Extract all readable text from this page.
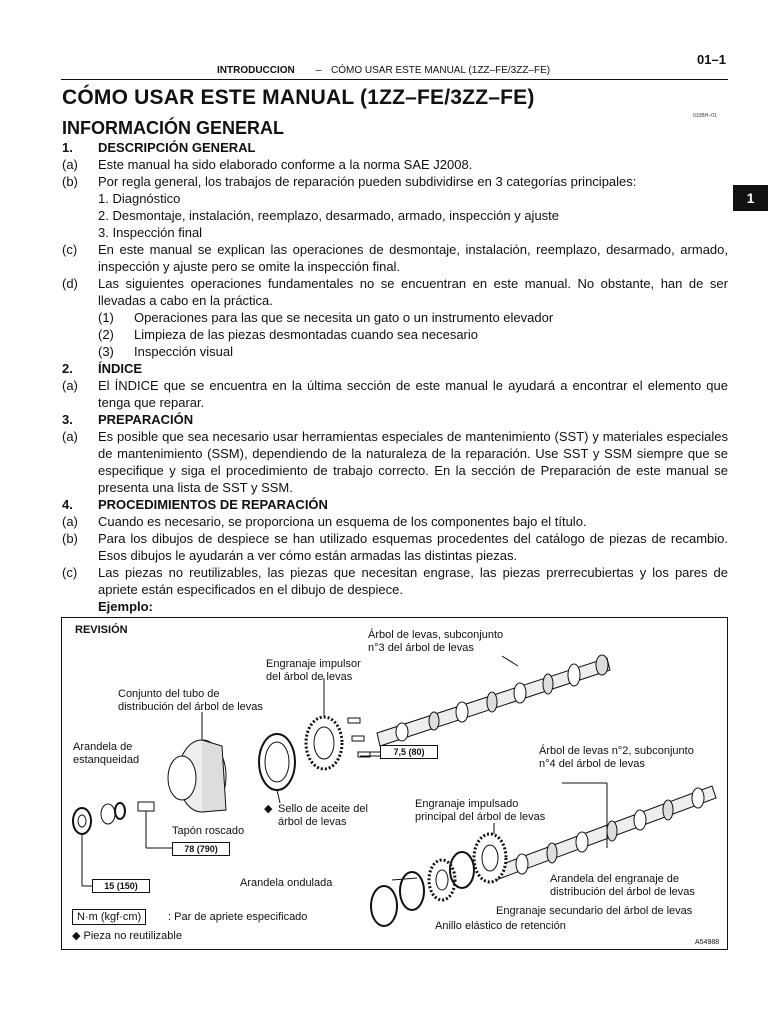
INTRODUCCION – CÓMO USAR ESTE MANUAL (1ZZ–FE/3ZZ–FE)
01–1
CÓMO USAR ESTE MANUAL (1ZZ–FE/3ZZ–FE)
INFORMACIÓN GENERAL
010BH–01
1
1.	DESCRIPCIÓN GENERAL
(a)	Este manual ha sido elaborado conforme a la norma SAE J2008.
(b)	Por regla general, los trabajos de reparación pueden subdividirse en 3 categorías principales:
1. Diagnóstico
2. Desmontaje, instalación, reemplazo, desarmado, armado, inspección y ajuste
3. Inspección final
(c)	En este manual se explican las operaciones de desmontaje, instalación, reemplazo, desarmado, armado, inspección y ajuste pero se omite la inspección final.
(d)	Las siguientes operaciones fundamentales no se encuentran en este manual. No obstante, han de ser llevadas a cabo en la práctica.
(1)	Operaciones para las que se necesita un gato o un instrumento elevador
(2)	Limpieza de las piezas desmontadas cuando sea necesario
(3)	Inspección visual
2.	ÍNDICE
(a)	El ÍNDICE que se encuentra en la última sección de este manual le ayudará a encontrar el elemento que tenga que reparar.
3.	PREPARACIÓN
(a)	Es posible que sea necesario usar herramientas especiales de mantenimiento (SST) y materiales especiales de mantenimiento (SSM), dependiendo de la naturaleza de la reparación. Use SST y SSM siempre que se especifique y siga el procedimiento de trabajo correcto. En la sección de Preparación de este manual se presenta una lista de SST y SSM.
4.	PROCEDIMIENTOS DE REPARACIÓN
(a)	Cuando es necesario, se proporciona un esquema de los componentes bajo el título.
(b)	Para los dibujos de despiece se han utilizado esquemas procedentes del catálogo de piezas de recambio. Esos dibujos le ayudarán a ver cómo están armadas las distintas piezas.
(c)	Las piezas no reutilizables, las piezas que necesitan engrase, las piezas prerrecubiertas y los pares de apriete están especificados en el dibujo de despiece.
Ejemplo:
REVISIÓN	Árbol de levas, subconjunto
n°3 del árbol de levas
Engranaje impulsor
del árbol de levas
Conjunto del tubo de
distribución del árbol de levas
Arandela de
estanqueidad
Árbol de levas n°2, subconjunto
n°4 del árbol de levas
◆ Sello de aceite del
árbol de levas
Tapón roscado
Engranaje impulsado
principal del árbol de levas
Arandela ondulada	Arandela del engranaje de
distribución del árbol de levas
Engranaje secundario del árbol de levas
Anillo elástico de retención
7,5 (80)
78 (790)
15 (150)
N·m (kgf·cm)	: Par de apriete especificado
◆ Pieza no reutilizable
A54988
